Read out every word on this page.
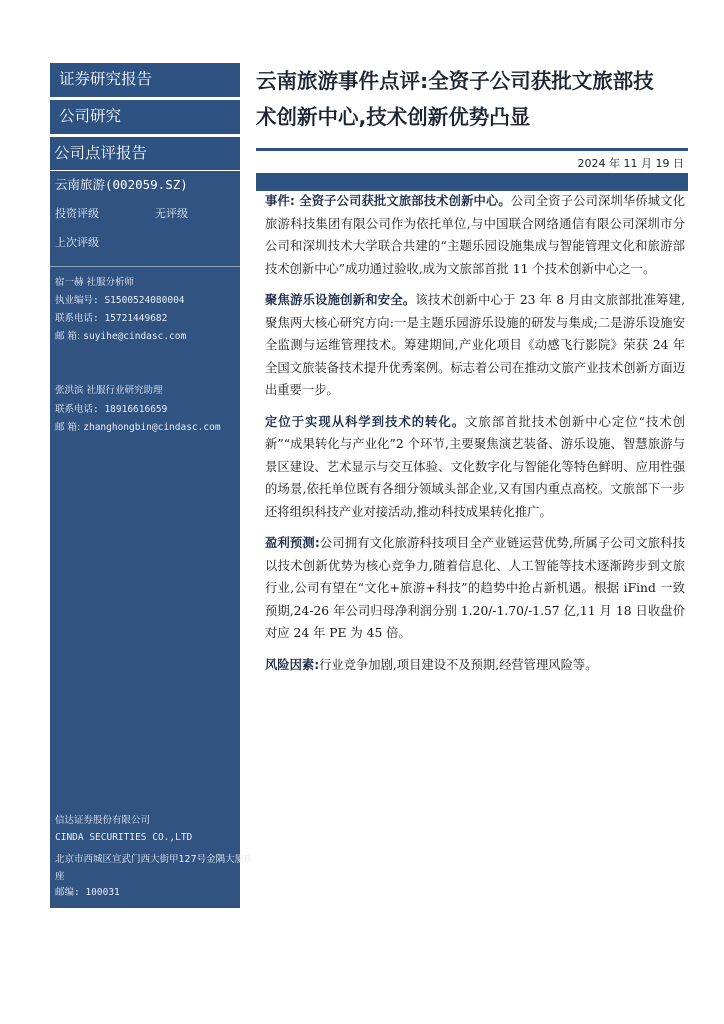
证券研究报告
公司研究
公司点评报告
云南旅游(002059.SZ)
投资评级	无评级
上次评级
宿一赫 社服分析师
执业编号: S1500524080004
联系电话: 15721449682
邮 箱: suyihe@cindasc.com
张洪滨 社服行业研究助理
联系电话: 18916616659
邮 箱: zhanghongbin@cindasc.com
信达证券股份有限公司
CINDA SECURITIES CO.,LTD
北京市西城区宣武门西大街甲127号金隅大厦B
座
邮编: 100031
云南旅游事件点评:全资子公司获批文旅部技
术创新中心,技术创新优势凸显
2024 年 11 月 19 日

事件: 全资子公司获批文旅部技术创新中心。公司全资子公司深圳华侨城文化旅游科技集团有限公司作为依托单位,与中国联合网络通信有限公司深圳市分公司和深圳技术大学联合共建的“主题乐园设施集成与智能管理文化和旅游部技术创新中心”成功通过验收,成为文旅部首批 11 个技术创新中心之一。

聚焦游乐设施创新和安全。该技术创新中心于 23 年 8 月由文旅部批准筹建,聚焦两大核心研究方向:一是主题乐园游乐设施的研发与集成;二是游乐设施安全监测与运维管理技术。筹建期间,产业化项目《动感飞行影院》荣获 24 年全国文旅装备技术提升优秀案例。标志着公司在推动文旅产业技术创新方面迈出重要一步。

定位于实现从科学到技术的转化。文旅部首批技术创新中心定位“技术创新”“成果转化与产业化”2 个环节,主要聚焦演艺装备、游乐设施、智慧旅游与景区建设、艺术显示与交互体验、文化数字化与智能化等特色鲜明、应用性强的场景,依托单位既有各细分领域头部企业,又有国内重点高校。文旅部下一步还将组织科技产业对接活动,推动科技成果转化推广。

盈利预测:公司拥有文化旅游科技项目全产业链运营优势,所属子公司文旅科技以技术创新优势为核心竞争力,随着信息化、人工智能等技术逐渐跨步到文旅行业,公司有望在“文化+旅游+科技”的趋势中抢占新机遇。根据 iFind 一致预期,24-26 年公司归母净利润分别 1.20/-1.70/-1.57 亿,11 月 18 日收盘价对应 24 年 PE 为 45 倍。

风险因素:行业竞争加剧,项目建设不及预期,经营管理风险等。
